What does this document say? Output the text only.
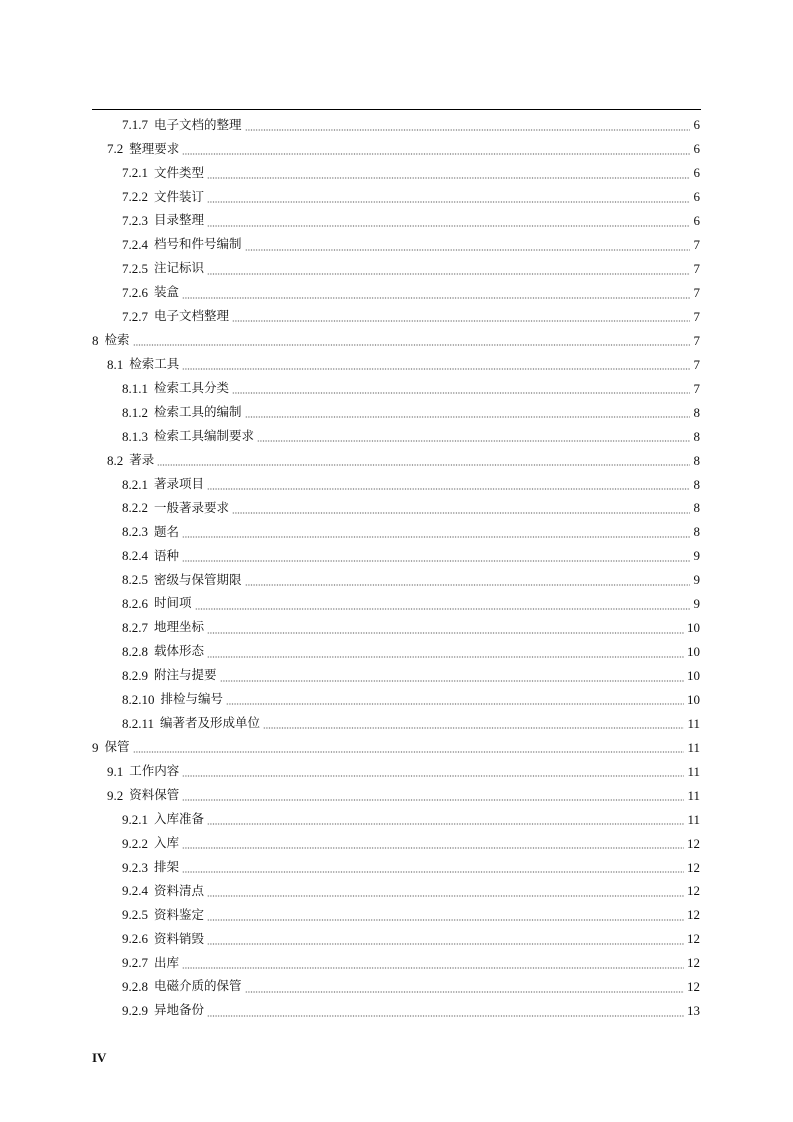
7.1.7 电子文档的整理	6
7.2 整理要求	6
7.2.1 文件类型	6
7.2.2 文件装订	6
7.2.3 目录整理	6
7.2.4 档号和件号编制	7
7.2.5 注记标识	7
7.2.6 装盒	7
7.2.7 电子文档整理	7
8 检索	7
8.1 检索工具	7
8.1.1 检索工具分类	7
8.1.2 检索工具的编制	8
8.1.3 检索工具编制要求	8
8.2 著录	8
8.2.1 著录项目	8
8.2.2 一般著录要求	8
8.2.3 题名	8
8.2.4 语种	9
8.2.5 密级与保管期限	9
8.2.6 时间项	9
8.2.7 地理坐标	10
8.2.8 载体形态	10
8.2.9 附注与提要	10
8.2.10 排检与编号	10
8.2.11 编著者及形成单位	11
9 保管	11
9.1 工作内容	11
9.2 资料保管	11
9.2.1 入库准备	11
9.2.2 入库	12
9.2.3 排架	12
9.2.4 资料清点	12
9.2.5 资料鉴定	12
9.2.6 资料销毁	12
9.2.7 出库	12
9.2.8 电磁介质的保管	12
9.2.9 异地备份	13
IV
